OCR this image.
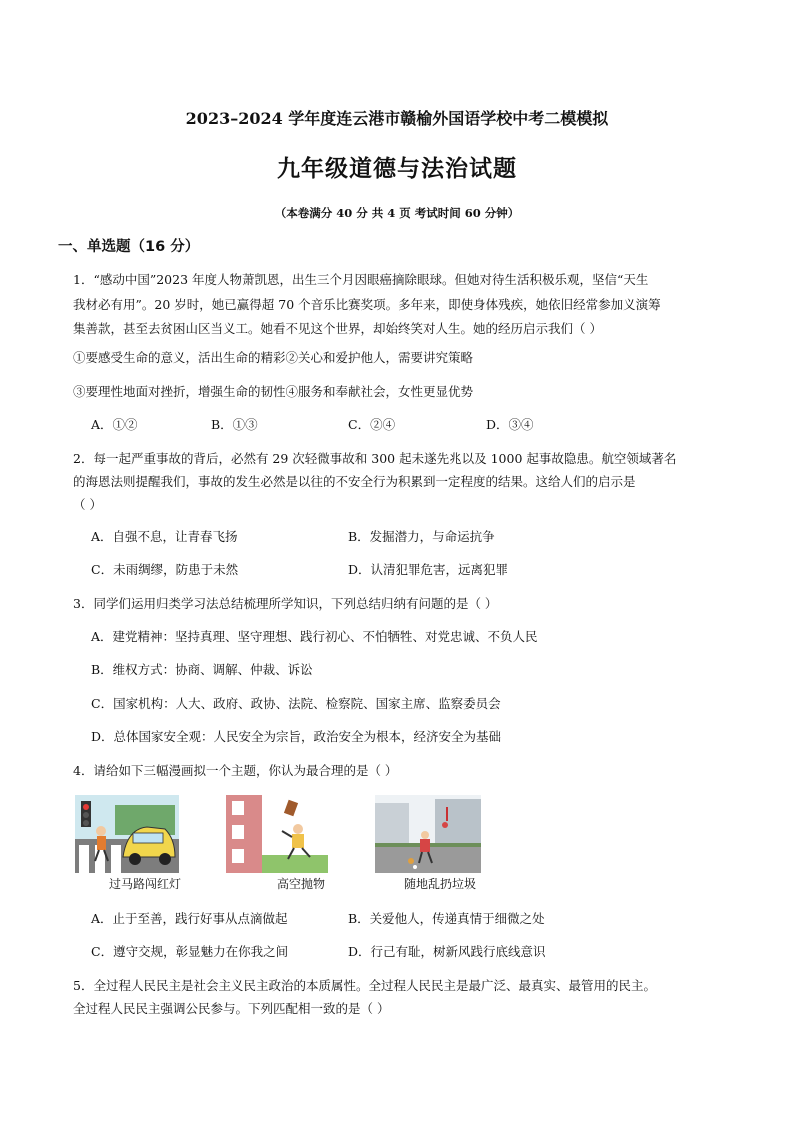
2023–2024 学年度连云港市赣榆外国语学校中考二模模拟
九年级道德与法治试题
（本卷满分 40 分 共 4 页 考试时间 60 分钟）
一、单选题（16 分）
1．“感动中国”2023 年度人物萧凯恩，出生三个月因眼癌摘除眼球。但她对待生活积极乐观，坚信“天生
我材必有用”。20 岁时，她已赢得超 70 个音乐比赛奖项。多年来，即使身体残疾，她依旧经常参加义演筹
集善款，甚至去贫困山区当义工。她看不见这个世界，却始终笑对人生。她的经历启示我们（ ）
①要感受生命的意义，活出生命的精彩②关心和爱护他人，需要讲究策略
③要理性地面对挫折，增强生命的韧性④服务和奉献社会，女性更显优势
A．①②	B．①③	C．②④	D．③④
2．每一起严重事故的背后，必然有 29 次轻微事故和 300 起未遂先兆以及 1000 起事故隐患。航空领域著名
的海恩法则提醒我们，事故的发生必然是以往的不安全行为积累到一定程度的结果。这给人们的启示是
（ ）
A．自强不息，让青春飞扬	B．发掘潜力，与命运抗争
C．未雨绸缪，防患于未然	D．认清犯罪危害，远离犯罪
3．同学们运用归类学习法总结梳理所学知识，下列总结归纳有问题的是（ ）
A．建党精神：坚持真理、坚守理想、践行初心、不怕牺牲、对党忠诚、不负人民
B．维权方式：协商、调解、仲裁、诉讼
C．国家机构：人大、政府、政协、法院、检察院、国家主席、监察委员会
D．总体国家安全观：人民安全为宗旨，政治安全为根本，经济安全为基础
4．请给如下三幅漫画拟一个主题，你认为最合理的是（ ）
过马路闯红灯	高空抛物	随地乱扔垃圾
A．止于至善，践行好事从点滴做起	B．关爱他人，传递真情于细微之处
C．遵守交规，彰显魅力在你我之间	D．行己有耻，树新风践行底线意识
5．全过程人民民主是社会主义民主政治的本质属性。全过程人民民主是最广泛、最真实、最管用的民主。
全过程人民民主强调公民参与。下列匹配相一致的是（ ）
